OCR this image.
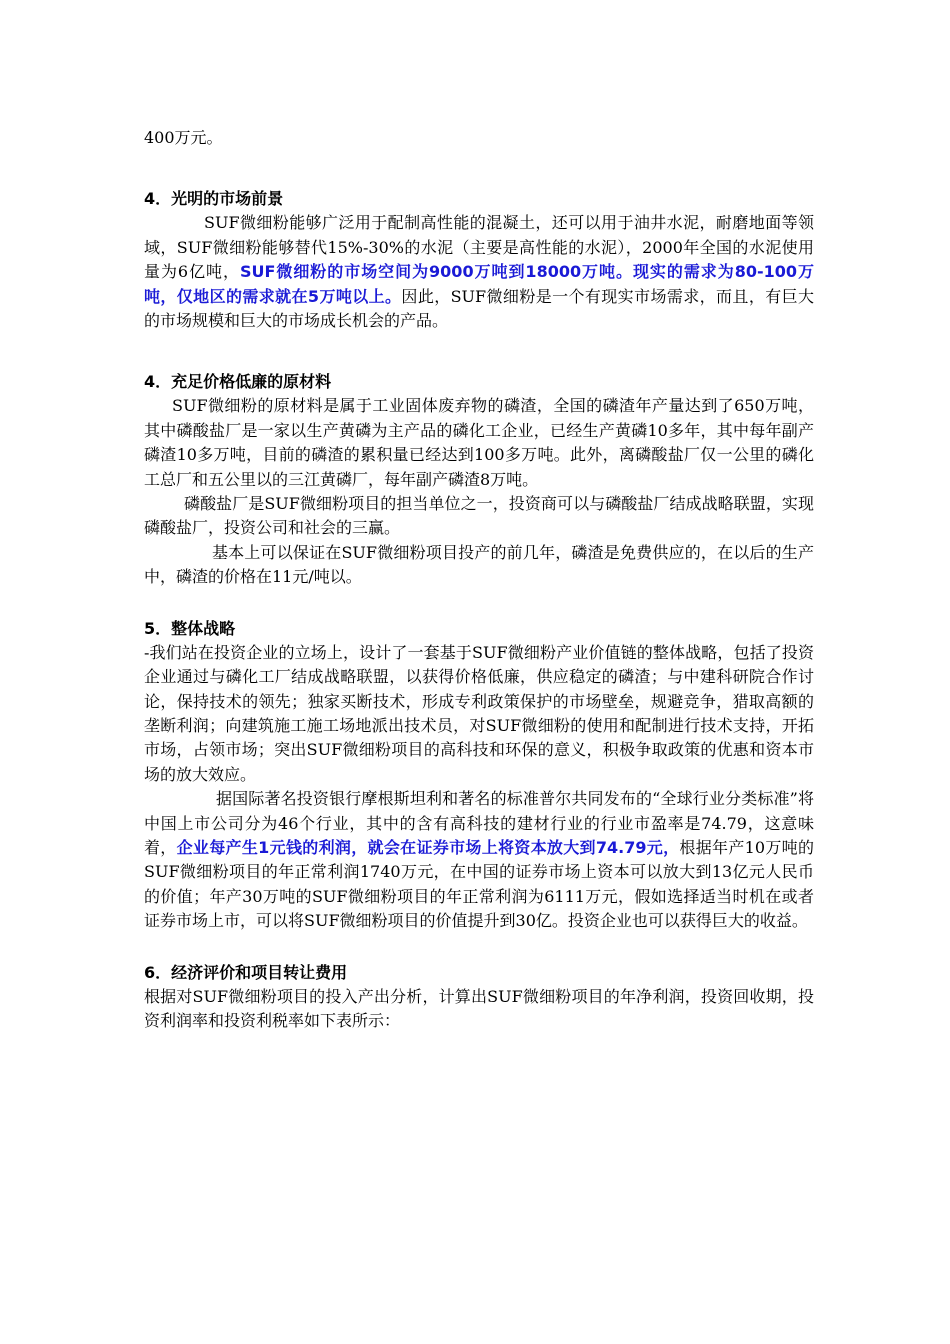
400万元。

4．光明的市场前景

SUF微细粉能够广泛用于配制高性能的混凝土，还可以用于油井水泥，耐磨地面等领域，SUF微细粉能够替代15%-30%的水泥（主要是高性能的水泥），2000年全国的水泥使用量为6亿吨，SUF微细粉的市场空间为9000万吨到18000万吨。现实的需求为80-100万吨，仅地区的需求就在5万吨以上。因此，SUF微细粉是一个有现实市场需求，而且，有巨大的市场规模和巨大的市场成长机会的产品。

4．充足价格低廉的原材料

SUF微细粉的原材料是属于工业固体废弃物的磷渣，全国的磷渣年产量达到了650万吨，其中磷酸盐厂是一家以生产黄磷为主产品的磷化工企业，已经生产黄磷10多年，其中每年副产磷渣10多万吨，目前的磷渣的累积量已经达到100多万吨。此外，离磷酸盐厂仅一公里的磷化工总厂和五公里以的三江黄磷厂，每年副产磷渣8万吨。

磷酸盐厂是SUF微细粉项目的担当单位之一，投资商可以与磷酸盐厂结成战略联盟，实现磷酸盐厂，投资公司和社会的三赢。

基本上可以保证在SUF微细粉项目投产的前几年，磷渣是免费供应的，在以后的生产中，磷渣的价格在11元/吨以。

5．整体战略

-我们站在投资企业的立场上，设计了一套基于SUF微细粉产业价值链的整体战略，包括了投资企业通过与磷化工厂结成战略联盟，以获得价格低廉，供应稳定的磷渣；与中建科研院合作讨论，保持技术的领先；独家买断技术，形成专利政策保护的市场壁垒，规避竞争，猎取高额的垄断利润；向建筑施工施工场地派出技术员，对SUF微细粉的使用和配制进行技术支持，开拓市场，占领市场；突出SUF微细粉项目的高科技和环保的意义，积极争取政策的优惠和资本市场的放大效应。

据国际著名投资银行摩根斯坦利和著名的标准普尔共同发布的“全球行业分类标准”将中国上市公司分为46个行业，其中的含有高科技的建材行业的行业市盈率是74.79，这意味着，企业每产生1元钱的利润，就会在证券市场上将资本放大到74.79元，根据年产10万吨的SUF微细粉项目的年正常利润1740万元，在中国的证券市场上资本可以放大到13亿元人民币的价值；年产30万吨的SUF微细粉项目的年正常利润为6111万元，假如选择适当时机在或者证券市场上市，可以将SUF微细粉项目的价值提升到30亿。投资企业也可以获得巨大的收益。

6．经济评价和项目转让费用

根据对SUF微细粉项目的投入产出分析，计算出SUF微细粉项目的年净利润，投资回收期，投资利润率和投资利税率如下表所示：
